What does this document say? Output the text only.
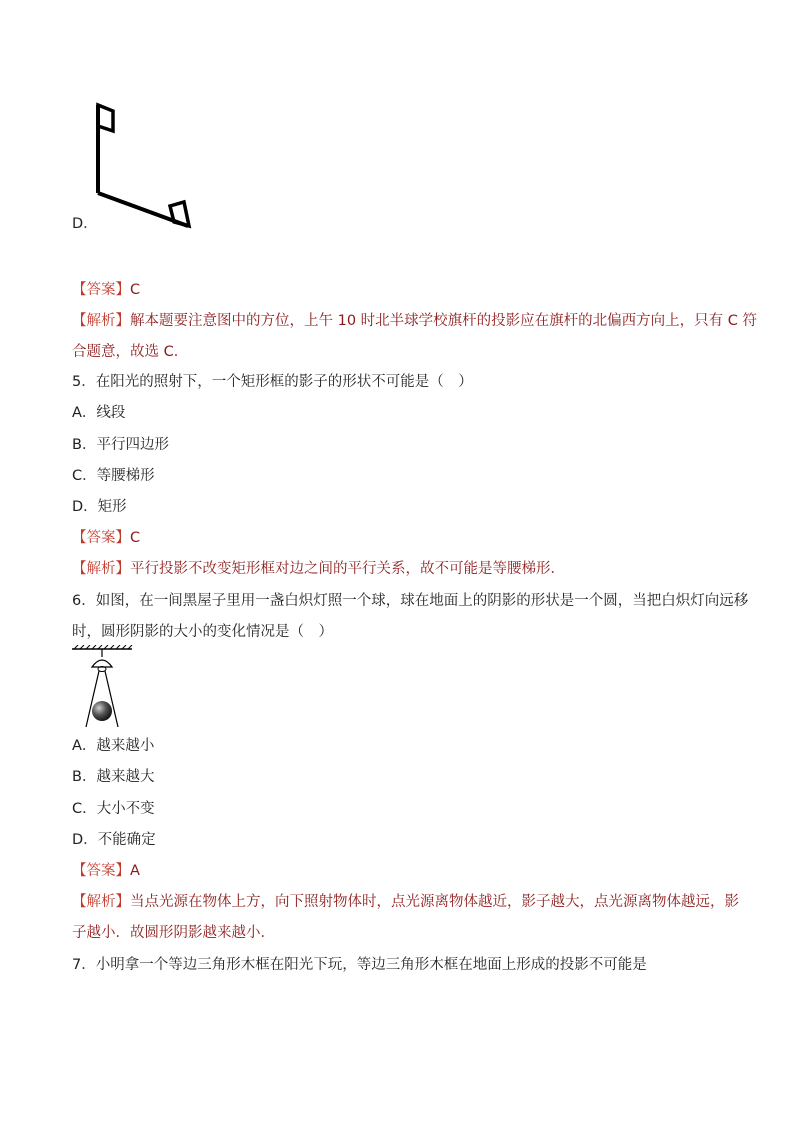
D．
【答案】C
【解析】解本题要注意图中的方位，上午 10 时北半球学校旗杆的投影应在旗杆的北偏西方向上，只有 C 符
合题意，故选 C．
5．在阳光的照射下，一个矩形框的影子的形状不可能是（　）
A．线段
B．平行四边形
C．等腰梯形
D．矩形
【答案】C
【解析】平行投影不改变矩形框对边之间的平行关系，故不可能是等腰梯形．
6．如图，在一间黑屋子里用一盏白炽灯照一个球，球在地面上的阴影的形状是一个圆，当把白炽灯向远移
时，圆形阴影的大小的变化情况是（　）
A．越来越小
B．越来越大
C．大小不变
D．不能确定
【答案】A
【解析】当点光源在物体上方，向下照射物体时，点光源离物体越近，影子越大，点光源离物体越远，影
子越小．故圆形阴影越来越小．
7．小明拿一个等边三角形木框在阳光下玩，等边三角形木框在地面上形成的投影不可能是
